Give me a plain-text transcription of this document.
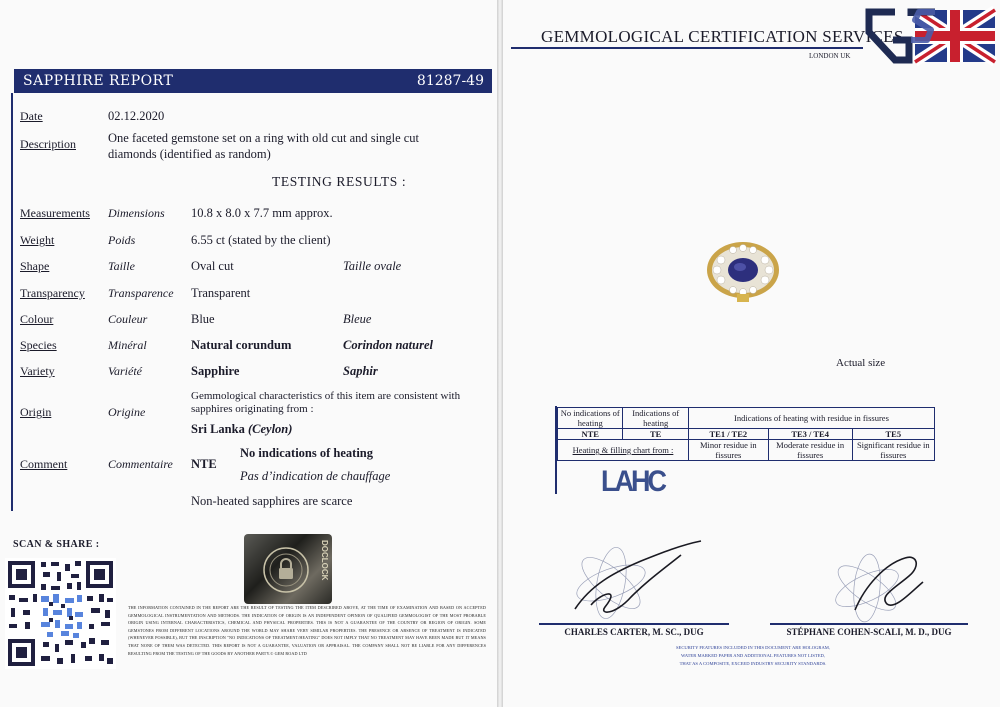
SAPPHIRE REPORT	81287-49
Date	02.12.2020
Description	One faceted gemstone set on a ring with old cut and single cut
diamonds (identified as random)
TESTING RESULTS :
Measurements Dimensions 10.8 x 8.0 x 7.7 mm approx.
Weight	Poids	6.55 ct (stated by the client)
Shape	Taille	Oval cut	Taille ovale
Transparency Transparence Transparent
Colour	Couleur	Blue	Bleue
Species	Minéral	Natural corundum	Corindon naturel
Variety	Variété	Sapphire	Saphir
Origin	Origine
Gemmological characteristics of this item are consistent with
sapphires originating from :
Sri Lanka (Ceylon)
Comment	Commentaire NTE
No indications of heating
Pas d’indication de chauffage
Non-heated sapphires are scarce
SCAN & SHARE :	DOCLOCK
THE INFORMATION CONTAINED IN THE REPORT ARE THE RESULT OF TESTING THE ITEM DESCRIBED ABOVE, AT THE TIME OF EXAMINATION AND BASED ON ACCEPTED GEMMOLOGICAL INSTRUMENTATION AND METHODS. THE INDICATION OF ORIGIN IS AN INDEPENDENT OPINION OF QUALIFIED GEMMOLOGIST OF THE MOST PROBABLE ORIGIN USING INTERNAL CHARACTERISTICS, CHEMICAL AND PHYSICAL PROPERTIES. THIS IS NOT A GUARANTEE OF THE COUNTRY OR REGION OF ORIGIN. SOME GEMSTONES FROM DIFFERENT LOCATIONS AROUND THE WORLD MAY SHARE VERY SIMILAR PROPERTIES. THE PRESENCE OR ABSENCE OF TREATMENT IS INDICATED (WHENEVER POSSIBLE), BUT THE INSCRIPTION "NO INDICATIONS OF TREATMENT/HEATING" DOES NOT IMPLY THAT NO TREATMENT MAY HAVE BEEN MADE BUT IT MEANS THAT NONE OF THEM WAS DETECTED. THIS REPORT IS NOT A GUARANTEE, VALUATION OR APPRAISAL. THE COMPANY SHALL NOT BE LIABLE FOR ANY DIFFERENCES RESULTING FROM THE TESTING OF THE GOODS BY ANOTHER PARTY.© GEM ROAD LTD
GEMMOLOGICAL CERTIFICATION SERVICES
LONDON UK
Actual size
No indications of heating	Indications of heating	Indications of heating with residue in fissures		
NTE	TE	TE1 / TE2	TE3 / TE4	TE5
Heating & filling chart from :		Minor residue in fissures	Moderate residue in fissures	Significant residue in fissures
LAHC
CHARLES CARTER, M. SC., DUG	STÉPHANE COHEN-SCALI, M. D., DUG
SECURITY FEATURES INCLUDED IN THIS DOCUMENT ARE HOLOGRAM,
WATER MARKED PAPER AND ADDITIONAL FEATURES NOT LISTED,
THAT AS A COMPOSITE, EXCEED INDUSTRY SECURITY STANDARDS.
